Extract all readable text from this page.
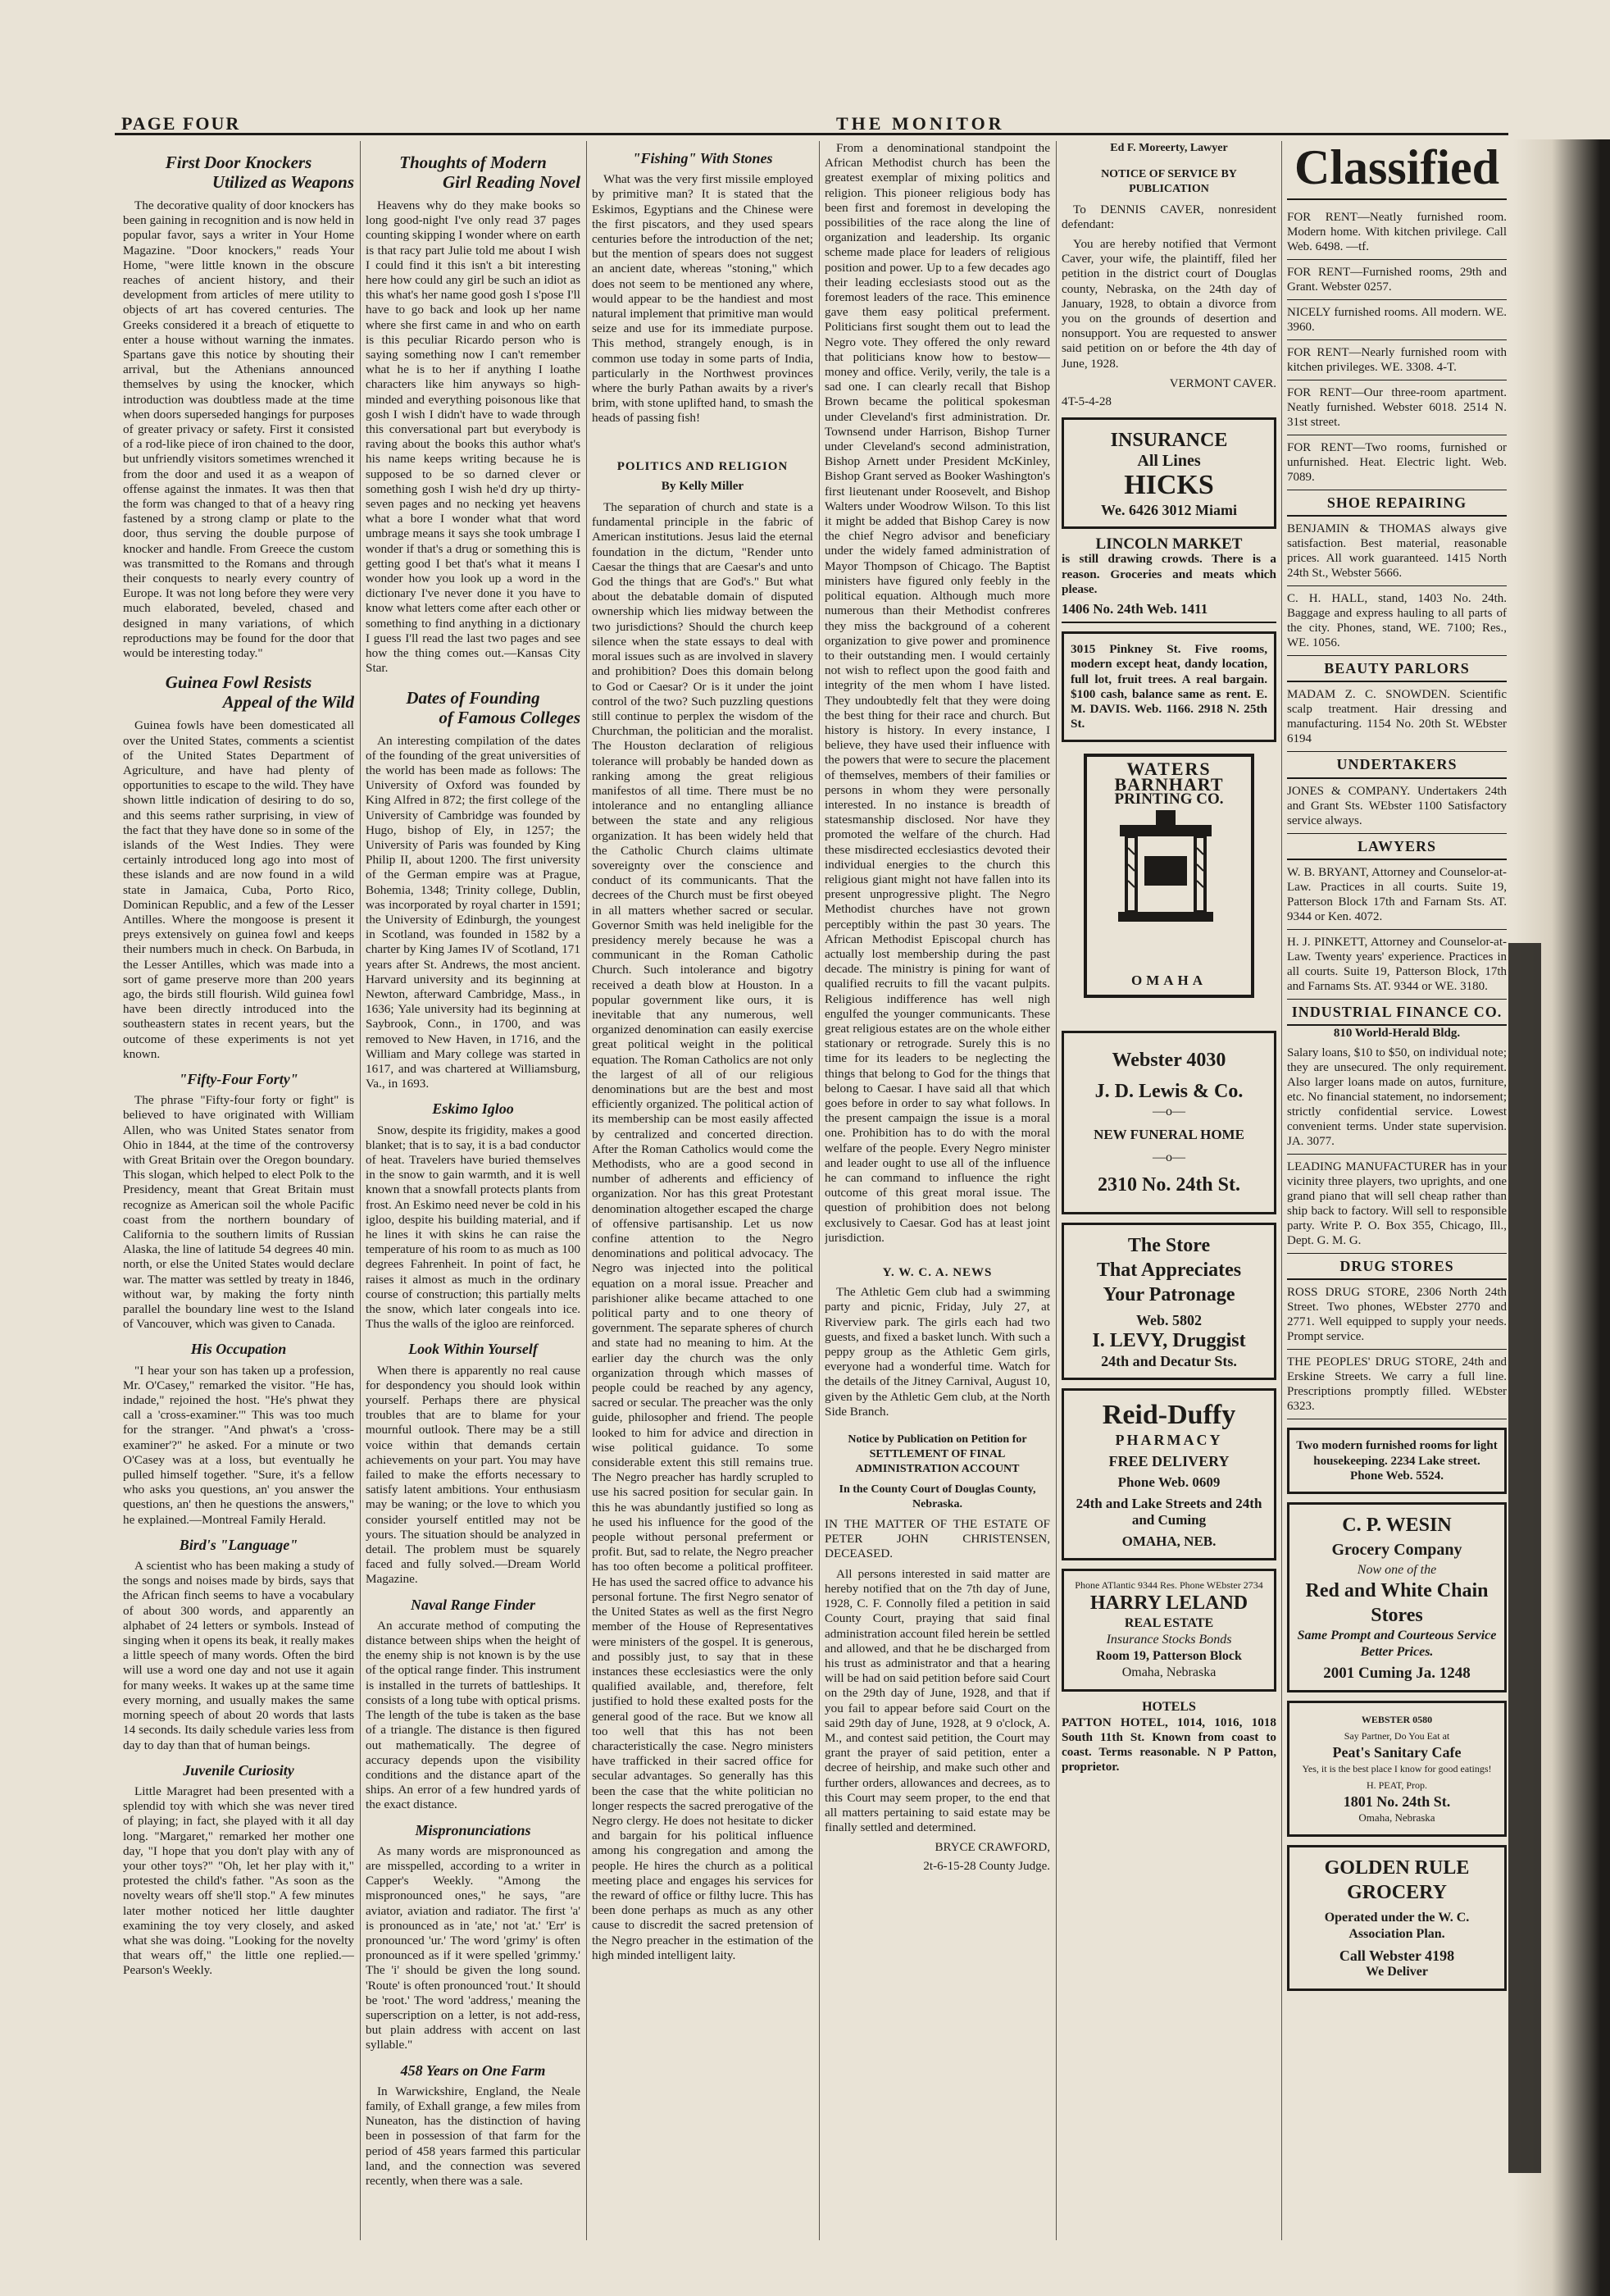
PAGE FOUR	THE MONITOR
First Door Knockers
Utilized as Weapons

The decorative quality of door knockers has been gaining in recognition and is now held in popular favor, says a writer in Your Home Magazine. "Door knockers," reads Your Home, "were little known in the obscure reaches of ancient history, and their development from articles of mere utility to objects of art has covered centuries. The Greeks considered it a breach of etiquette to enter a house without warning the inmates. Spartans gave this notice by shouting their arrival, but the Athenians announced themselves by using the knocker, which introduction was doubtless made at the time when doors superseded hangings for purposes of greater privacy or safety. First it consisted of a rod-like piece of iron chained to the door, but unfriendly visitors sometimes wrenched it from the door and used it as a weapon of offense against the inmates. It was then that the form was changed to that of a heavy ring fastened by a strong clamp or plate to the door, thus serving the double purpose of knocker and handle. From Greece the custom was transmitted to the Romans and through their conquests to nearly every country of Europe. It was not long before they were very much elaborated, beveled, chased and designed in many variations, of which reproductions may be found for the door that would be interesting today."

Guinea Fowl Resists
Appeal of the Wild

Guinea fowls have been domesticated all over the United States, comments a scientist of the United States Department of Agriculture, and have had plenty of opportunities to escape to the wild. They have shown little indication of desiring to do so, and this seems rather surprising, in view of the fact that they have done so in some of the islands of the West Indies. They were certainly introduced long ago into most of these islands and are now found in a wild state in Jamaica, Cuba, Porto Rico, Dominican Republic, and a few of the Lesser Antilles. Where the mongoose is present it preys extensively on guinea fowl and keeps their numbers much in check. On Barbuda, in the Lesser Antilles, which was made into a sort of game preserve more than 200 years ago, the birds still flourish. Wild guinea fowl have been directly introduced into the southeastern states in recent years, but the outcome of these experiments is not yet known.

"Fifty-Four Forty"

The phrase "Fifty-four forty or fight" is believed to have originated with William Allen, who was United States senator from Ohio in 1844, at the time of the controversy with Great Britain over the Oregon boundary. This slogan, which helped to elect Polk to the Presidency, meant that Great Britain must recognize as American soil the whole Pacific coast from the northern boundary of California to the southern limits of Russian Alaska, the line of latitude 54 degrees 40 min. north, or else the United States would declare war. The matter was settled by treaty in 1846, without war, by making the forty ninth parallel the boundary line west to the Island of Vancouver, which was given to Canada.

His Occupation

"I hear your son has taken up a profession, Mr. O'Casey," remarked the visitor. "He has, indade," rejoined the host. "He's phwat they call a 'cross-examiner.'" This was too much for the stranger. "And phwat's a 'cross-examiner'?" he asked. For a minute or two O'Casey was at a loss, but eventually he pulled himself together. "Sure, it's a fellow who asks you questions, an' you answer the questions, an' then he questions the answers," he explained.—Montreal Family Herald.

Bird's "Language"

A scientist who has been making a study of the songs and noises made by birds, says that the African finch seems to have a vocabulary of about 300 words, and apparently an alphabet of 24 letters or symbols. Instead of singing when it opens its beak, it really makes a little speech of many words. Often the bird will use a word one day and not use it again for many weeks. It wakes up at the same time every morning, and usually makes the same morning speech of about 20 words that lasts 14 seconds. Its daily schedule varies less from day to day than that of human beings.

Juvenile Curiosity

Little Maragret had been presented with a splendid toy with which she was never tired of playing; in fact, she played with it all day long. "Margaret," remarked her mother one day, "I hope that you don't play with any of your other toys?" "Oh, let her play with it," protested the child's father. "As soon as the novelty wears off she'll stop." A few minutes later mother noticed her little daughter examining the toy very closely, and asked what she was doing. "Looking for the novelty that wears off," the little one replied.—Pearson's Weekly.

Thoughts of Modern
Girl Reading Novel

Heavens why do they make books so long good-night I've only read 37 pages counting skipping I wonder where on earth is that racy part Julie told me about I wish I could find it this isn't a bit interesting here how could any girl be such an idiot as this what's her name good gosh I s'pose I'll have to go back and look up her name where she first came in and who on earth is this peculiar Ricardo person who is saying something now I can't remember what he is to her if anything I loathe characters like him anyways so high-minded and everything poisonous like that gosh I wish I didn't have to wade through this conversational part but everybody is raving about the books this author what's his name keeps writing because he is supposed to be so darned clever or something gosh I wish he'd dry up thirty-seven pages and no necking yet heavens what a bore I wonder what that word umbrage means it says she took umbrage I wonder if that's a drug or something this is getting good I bet that's what it means I wonder how you look up a word in the dictionary I've never done it you have to know what letters come after each other or something to find anything in a dictionary I guess I'll read the last two pages and see how the thing comes out.—Kansas City Star.

Dates of Founding
of Famous Colleges

An interesting compilation of the dates of the founding of the great universities of the world has been made as follows: The University of Oxford was founded by King Alfred in 872; the first college of the University of Cambridge was founded by Hugo, bishop of Ely, in 1257; the University of Paris was founded by King Philip II, about 1200. The first university of the German empire was at Prague, Bohemia, 1348; Trinity college, Dublin, was incorporated by royal charter in 1591; the University of Edinburgh, the youngest in Scotland, was founded in 1582 by a charter by King James IV of Scotland, 171 years after St. Andrews, the most ancient. Harvard university and its beginning at Newton, afterward Cambridge, Mass., in 1636; Yale university had its beginning at Saybrook, Conn., in 1700, and was removed to New Haven, in 1716, and the William and Mary college was started in 1617, and was chartered at Williamsburg, Va., in 1693.

Eskimo Igloo

Snow, despite its frigidity, makes a good blanket; that is to say, it is a bad conductor of heat. Travelers have buried themselves in the snow to gain warmth, and it is well known that a snowfall protects plants from frost. An Eskimo need never be cold in his igloo, despite his building material, and if he lines it with skins he can raise the temperature of his room to as much as 100 degrees Fahrenheit. In point of fact, he raises it almost as much in the ordinary course of construction; this partially melts the snow, which later congeals into ice. Thus the walls of the igloo are reinforced.

Look Within Yourself

When there is apparently no real cause for despondency you should look within yourself. Perhaps there are physical troubles that are to blame for your mournful outlook. There may be a still voice within that demands certain achievements on your part. You may have failed to make the efforts necessary to satisfy latent ambitions. Your enthusiasm may be waning; or the love to which you consider yourself entitled may not be yours. The situation should be analyzed in detail. The problem must be squarely faced and fully solved.—Dream World Magazine.

Naval Range Finder

An accurate method of computing the distance between ships when the height of the enemy ship is not known is by the use of the optical range finder. This instrument is installed in the turrets of battleships. It consists of a long tube with optical prisms. The length of the tube is taken as the base of a triangle. The distance is then figured out mathematically. The degree of accuracy depends upon the visibility conditions and the distance apart of the ships. An error of a few hundred yards of the exact distance.

Mispronunciations

As many words are mispronounced as are misspelled, according to a writer in Capper's Weekly. "Among the mispronounced ones," he says, "are aviator, aviation and radiator. The first 'a' is pronounced as in 'ate,' not 'at.' 'Err' is pronounced 'ur.' The word 'grimy' is often pronounced as if it were spelled 'grimmy.' The 'i' should be given the long sound. 'Route' is often pronounced 'rout.' It should be 'root.' The word 'address,' meaning the superscription on a letter, is not add-ress, but plain address with accent on last syllable."

458 Years on One Farm

In Warwickshire, England, the Neale family, of Exhall grange, a few miles from Nuneaton, has the distinction of having been in possession of that farm for the period of 458 years farmed this particular land, and the connection was severed recently, when there was a sale.

"Fishing" With Stones

What was the very first missile employed by primitive man? It is stated that the Eskimos, Egyptians and the Chinese were the first piscators, and they used spears centuries before the introduction of the net; but the mention of spears does not suggest an ancient date, whereas "stoning," which does not seem to be mentioned any where, would appear to be the handiest and most natural implement that primitive man would seize and use for its immediate purpose. This method, strangely enough, is in common use today in some parts of India, particularly in the Northwest provinces where the burly Pathan awaits by a river's brim, with stone uplifted hand, to smash the heads of passing fish!

POLITICS AND RELIGION
By Kelly Miller

The separation of church and state is a fundamental principle in the fabric of American institutions. Jesus laid the eternal foundation in the dictum, "Render unto Caesar the things that are Caesar's and unto God the things that are God's." But what about the debatable domain of disputed ownership which lies midway between the two jurisdictions? Should the church keep silence when the state essays to deal with moral issues such as are involved in slavery and prohibition? Does this domain belong to God or Caesar? Or is it under the joint control of the two? Such puzzling questions still continue to perplex the wisdom of the Churchman, the politician and the moralist. The Houston declaration of religious tolerance will probably be handed down as ranking among the great religious manifestos of all time. There must be no intolerance and no entangling alliance between the state and any religious organization. It has been widely held that the Catholic Church claims ultimate sovereignty over the conscience and conduct of its communicants. That the decrees of the Church must be first obeyed in all matters whether sacred or secular. Governor Smith was held ineligible for the presidency merely because he was a communicant in the Roman Catholic Church. Such intolerance and bigotry received a death blow at Houston. In a popular government like ours, it is inevitable that any numerous, well organized denomination can easily exercise great political weight in the political equation. The Roman Catholics are not only the largest of all of our religious denominations but are the best and most efficiently organized. The political action of its membership can be most easily affected by centralized and concerted direction. After the Roman Catholics would come the Methodists, who are a good second in number of adherents and efficiency of organization. Nor has this great Protestant denomination altogether escaped the charge of offensive partisanship. Let us now confine attention to the Negro denominations and political advocacy. The Negro was injected into the political equation on a moral issue. Preacher and parishioner alike became attached to one political party and to one theory of government. The separate spheres of church and state had no meaning to him. At the earlier day the church was the only organization through which masses of people could be reached by any agency, sacred or secular. The preacher was the only guide, philosopher and friend. The people looked to him for advice and direction in wise political guidance. To some considerable extent this still remains true. The Negro preacher has hardly scrupled to use his sacred position for secular gain. In this he was abundantly justified so long as he used his influence for the good of the people without personal preferment or profit. But, sad to relate, the Negro preacher has too often become a political proffiteer. He has used the sacred office to advance his personal fortune. The first Negro senator of the United States as well as the first Negro member of the House of Representatives were ministers of the gospel. It is generous, and possibly just, to say that in these instances these ecclesiastics were the only qualified available, and, therefore, felt justified to hold these exalted posts for the general good of the race. But we know all too well that this has not been characteristically the case. Negro ministers have trafficked in their sacred office for secular advantages. So generally has this been the case that the white politician no longer respects the sacred prerogative of the Negro clergy. He does not hesitate to dicker and bargain for his political influence among his congregation and among the people. He hires the church as a political meeting place and engages his services for the reward of office or filthy lucre. This has been done perhaps as much as any other cause to discredit the sacred pretension of the Negro preacher in the estimation of the high minded intelligent laity.

From a denominational standpoint the African Methodist church has been the greatest exemplar of mixing politics and religion. This pioneer religious body has been first and foremost in developing the possibilities of the race along the line of organization and leadership. Its organic scheme made place for leaders of religious position and power. Up to a few decades ago their leading ecclesiasts stood out as the foremost leaders of the race. This eminence gave them easy political preferment. Politicians first sought them out to lead the Negro vote. They offered the only reward that politicians know how to bestow—money and office. Verily, verily, the tale is a sad one. I can clearly recall that Bishop Brown became the political spokesman under Cleveland's first administration. Dr. Townsend under Harrison, Bishop Turner under Cleveland's second administration, Bishop Arnett under President McKinley, Bishop Grant served as Booker Washington's first lieutenant under Roosevelt, and Bishop Walters under Woodrow Wilson. To this list it might be added that Bishop Carey is now the chief Negro advisor and beneficiary under the widely famed administration of Mayor Thompson of Chicago. The Baptist ministers have figured only feebly in the political equation. Although much more numerous than their Methodist confreres they miss the background of a coherent organization to give power and prominence to their outstanding men. I would certainly not wish to reflect upon the good faith and integrity of the men whom I have listed. They undoubtedly felt that they were doing the best thing for their race and church. But history is history. In every instance, I believe, they have used their influence with the powers that were to secure the placement of themselves, members of their families or persons in whom they were personally interested. In no instance is breadth of statesmanship disclosed. Nor have they promoted the welfare of the church. Had these misdirected ecclesiastics devoted their individual energies to the church this religious giant might not have fallen into its present unprogressive plight. The Negro Methodist churches have not grown perceptibly within the past 30 years. The African Methodist Episcopal church has actually lost membership during the past decade. The ministry is pining for want of qualified recruits to fill the vacant pulpits. Religious indifference has well nigh engulfed the younger communicants. These great religious estates are on the whole either stationary or retrograde. Surely this is no time for its leaders to be neglecting the things that belong to God for the things that belong to Caesar. I have said all that which goes before in order to say what follows. In the present campaign the issue is a moral one. Prohibition has to do with the moral welfare of the people. Every Negro minister and leader ought to use all of the influence he can command to influence the right outcome of this great moral issue. The question of prohibition does not belong exclusively to Caesar. God has at least joint jurisdiction.

Y. W. C. A. NEWS

The Athletic Gem club had a swimming party and picnic, Friday, July 27, at Riverview park. The girls each had two guests, and fixed a basket lunch. With such a peppy group as the Athletic Gem girls, everyone had a wonderful time. Watch for the details of the Jitney Carnival, August 10, given by the Athletic Gem club, at the North Side Branch.

Notice by Publication on Petition for SETTLEMENT OF FINAL ADMINISTRATION ACCOUNT
In the County Court of Douglas County, Nebraska.

IN THE MATTER OF THE ESTATE OF PETER JOHN CHRISTENSEN, DECEASED.

All persons interested in said matter are hereby notified that on the 7th day of June, 1928, C. F. Connolly filed a petition in said County Court, praying that said final administration account filed herein be settled and allowed, and that he be discharged from his trust as administrator and that a hearing will be had on said petition before said Court on the 29th day of June, 1928, and that if you fail to appear before said Court on the said 29th day of June, 1928, at 9 o'clock, A. M., and contest said petition, the Court may grant the prayer of said petition, enter a decree of heirship, and make such other and further orders, allowances and decrees, as to this Court may seem proper, to the end that all matters pertaining to said estate may be finally settled and determined.

BRYCE CRAWFORD,
2t-6-15-28 County Judge.
Ed F. Moreerty, Lawyer
NOTICE OF SERVICE BY PUBLICATION

To DENNIS CAVER, nonresident defendant:

You are hereby notified that Vermont Caver, your wife, the plaintiff, filed her petition in the district court of Douglas county, Nebraska, on the 24th day of January, 1928, to obtain a divorce from you on the grounds of desertion and nonsupport. You are requested to answer said petition on or before the 4th day of June, 1928.

VERMONT CAVER.
4T-5-4-28
INSURANCE
All Lines
HICKS
We. 6426 3012 Miami
LINCOLN MARKET

is still drawing crowds. There is a reason. Groceries and meats which please.

1406 No. 24th Web. 1411
3015 Pinkney St. Five rooms, modern except heat, dandy location, full lot, fruit trees. A real bargain. $100 cash, balance same as rent. E. M. DAVIS. Web. 1166. 2918 N. 25th St.
WATERS
BARNHART
PRINTING CO.
OMAHA
Webster 4030
J. D. Lewis & Co.
—o—
NEW FUNERAL HOME
—o—
2310 No. 24th St.
The Store
That Appreciates
Your Patronage
Web. 5802
I. LEVY, Druggist
24th and Decatur Sts.
Reid-Duffy
PHARMACY
FREE DELIVERY
Phone Web. 0609
24th and Lake Streets and 24th and Cuming
OMAHA, NEB.
Phone ATlantic 9344 Res. Phone WEbster 2734
HARRY LELAND
REAL ESTATE
Insurance Stocks Bonds
Room 19, Patterson Block
Omaha, Nebraska
HOTELS

PATTON HOTEL, 1014, 1016, 1018 South 11th St. Known from coast to coast. Terms reasonable. N P Patton, proprietor.

Classified
FOR RENT—Neatly furnished room. Modern home. With kitchen privilege. Call Web. 6498. —tf.
FOR RENT—Furnished rooms, 29th and Grant. Webster 0257.
NICELY furnished rooms. All modern. WE. 3960.
FOR RENT—Nearly furnished room with kitchen privileges. WE. 3308. 4-T.
FOR RENT—Our three-room apartment. Neatly furnished. Webster 6018. 2514 N. 31st street.
FOR RENT—Two rooms, furnished or unfurnished. Heat. Electric light. Web. 7089.
SHOE REPAIRING
BENJAMIN & THOMAS always give satisfaction. Best material, reasonable prices. All work guaranteed. 1415 North 24th St., Webster 5666.
C. H. HALL, stand, 1403 No. 24th. Baggage and express hauling to all parts of the city. Phones, stand, WE. 7100; Res., WE. 1056.
BEAUTY PARLORS
MADAM Z. C. SNOWDEN. Scientific scalp treatment. Hair dressing and manufacturing. 1154 No. 20th St. WEbster 6194
UNDERTAKERS
JONES & COMPANY. Undertakers 24th and Grant Sts. WEbster 1100 Satisfactory service always.
LAWYERS
W. B. BRYANT, Attorney and Counselor-at-Law. Practices in all courts. Suite 19, Patterson Block 17th and Farnam Sts. AT. 9344 or Ken. 4072.
H. J. PINKETT, Attorney and Counselor-at-Law. Twenty years' experience. Practices in all courts. Suite 19, Patterson Block, 17th and Farnams Sts. AT. 9344 or WE. 3180.
INDUSTRIAL FINANCE CO.
810 World-Herald Bldg.
Salary loans, $10 to $50, on individual note; they are unsecured. The only requirement. Also larger loans made on autos, furniture, etc. No financial statement, no indorsement; strictly confidential service. Lowest convenient terms. Under state supervision. JA. 3077.
LEADING MANUFACTURER has in your vicinity three players, two uprights, and one grand piano that will sell cheap rather than ship back to factory. Will sell to responsible party. Write P. O. Box 355, Chicago, Ill., Dept. G. M. G.
DRUG STORES
ROSS DRUG STORE, 2306 North 24th Street. Two phones, WEbster 2770 and 2771. Well equipped to supply your needs. Prompt service.
THE PEOPLES' DRUG STORE, 24th and Erskine Streets. We carry a full line. Prescriptions promptly filled. WEbster 6323.
Two modern furnished rooms for light housekeeping. 2234 Lake street. Phone Web. 5524.
C. P. WESIN
Grocery Company
Now one of the
Red and White Chain Stores
Same Prompt and Courteous Service Better Prices.
2001 Cuming Ja. 1248
WEBSTER 0580
Say Partner, Do You Eat at
Peat's Sanitary Cafe
Yes, it is the best place I know for good eatings!
H. PEAT, Prop.
1801 No. 24th St.
Omaha, Nebraska
GOLDEN RULE
GROCERY
Operated under the W. C. Association Plan.
Call Webster 4198
We Deliver
